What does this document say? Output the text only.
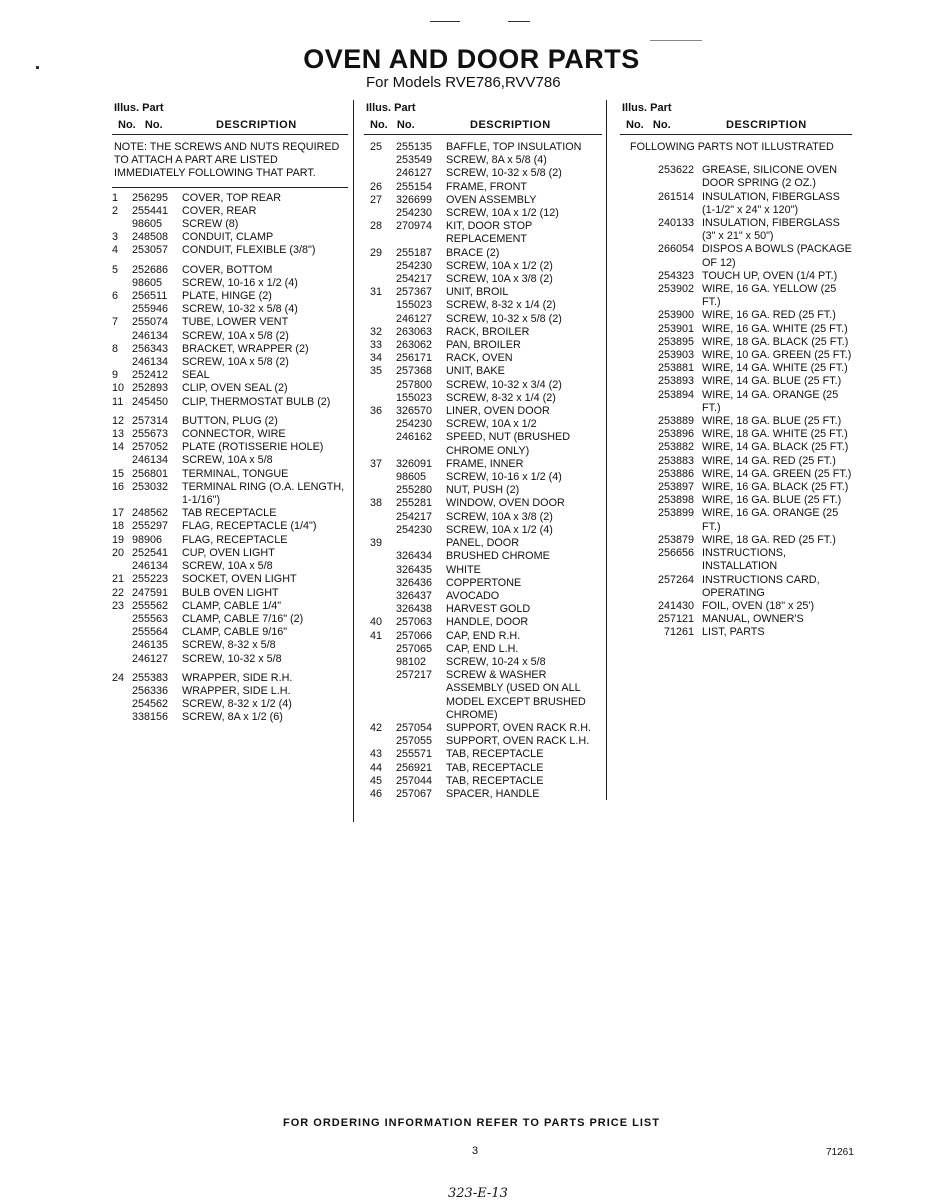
OVEN AND DOOR PARTS
For Models RVE786,RVV786
Illus. Part
No. No.	DESCRIPTION
NOTE: THE SCREWS AND NUTS REQUIRED TO ATTACH A PART ARE LISTED IMMEDIATELY FOLLOWING THAT PART.
1	256295	COVER, TOP REAR
2	255441	COVER, REAR
98605	SCREW (8)
3	248508	CONDUIT, CLAMP
4	253057	CONDUIT, FLEXIBLE (3/8")
5	252686	COVER, BOTTOM
98605	SCREW, 10-16 x 1/2 (4)
6	256511	PLATE, HINGE (2)
255946	SCREW, 10-32 x 5/8 (4)
7	255074	TUBE, LOWER VENT
246134	SCREW, 10A x 5/8 (2)
8	256343	BRACKET, WRAPPER (2)
246134	SCREW, 10A x 5/8 (2)
9	252412	SEAL
10 252893	CLIP, OVEN SEAL (2)
11 245450	CLIP, THERMOSTAT BULB (2)
12 257314	BUTTON, PLUG (2)
13 255673	CONNECTOR, WIRE
14 257052	PLATE (ROTISSERIE HOLE)
246134	SCREW, 10A x 5/8
15 256801	TERMINAL, TONGUE
16 253032	TERMINAL RING (O.A. LENGTH, 1-1/16")
17 248562	TAB RECEPTACLE
18 255297	FLAG, RECEPTACLE (1/4")
19 98906	FLAG, RECEPTACLE
20 252541	CUP, OVEN LIGHT
246134	SCREW, 10A x 5/8
21 255223	SOCKET, OVEN LIGHT
22 247591	BULB OVEN LIGHT
23 255562	CLAMP, CABLE 1/4"
255563	CLAMP, CABLE 7/16" (2)
255564	CLAMP, CABLE 9/16"
246135	SCREW, 8-32 x 5/8
246127	SCREW, 10-32 x 5/8
24 255383	WRAPPER, SIDE R.H.
256336	WRAPPER, SIDE L.H.
254562	SCREW, 8-32 x 1/2 (4)
338156	SCREW, 8A x 1/2 (6)
Illus. Part
No. No.	DESCRIPTION
25	255135	BAFFLE, TOP INSULATION
253549	SCREW, 8A x 5/8 (4)
246127	SCREW, 10-32 x 5/8 (2)
26	255154	FRAME, FRONT
27	326699	OVEN ASSEMBLY
254230	SCREW, 10A x 1/2 (12)
28	270974	KIT, DOOR STOP REPLACEMENT
29	255187	BRACE (2)
254230	SCREW, 10A x 1/2 (2)
254217	SCREW, 10A x 3/8 (2)
31	257367	UNIT, BROIL
155023	SCREW, 8-32 x 1/4 (2)
246127	SCREW, 10-32 x 5/8 (2)
32	263063	RACK, BROILER
33	263062	PAN, BROILER
34	256171	RACK, OVEN
35	257368	UNIT, BAKE
257800	SCREW, 10-32 x 3/4 (2)
155023	SCREW, 8-32 x 1/4 (2)
36	326570	LINER, OVEN DOOR
254230	SCREW, 10A x 1/2
246162	SPEED, NUT (BRUSHED CHROME ONLY)
37	326091	FRAME, INNER
98605	SCREW, 10-16 x 1/2 (4)
255280	NUT, PUSH (2)
38	255281	WINDOW, OVEN DOOR
254217	SCREW, 10A x 3/8 (2)
254230	SCREW, 10A x 1/2 (4)
39	PANEL, DOOR
326434	BRUSHED CHROME
326435	WHITE
326436	COPPERTONE
326437	AVOCADO
326438	HARVEST GOLD
40	257063	HANDLE, DOOR
41	257066	CAP, END R.H.
257065	CAP, END L.H.
98102	SCREW, 10-24 x 5/8
257217	SCREW & WASHER ASSEMBLY (USED ON ALL MODEL EXCEPT BRUSHED CHROME)
42	257054	SUPPORT, OVEN RACK R.H.
257055	SUPPORT, OVEN RACK L.H.
43	255571	TAB, RECEPTACLE
44	256921	TAB, RECEPTACLE
45	257044	TAB, RECEPTACLE
46	257067	SPACER, HANDLE
Illus. Part
No. No.	DESCRIPTION
FOLLOWING PARTS NOT ILLUSTRATED
253622 GREASE, SILICONE OVEN DOOR SPRING (2 OZ.)
261514 INSULATION, FIBERGLASS (1-1/2" x 24" x 120")
240133 INSULATION, FIBERGLASS (3" x 21" x 50")
266054 DISPOS A BOWLS (PACKAGE OF 12)
254323 TOUCH UP, OVEN (1/4 PT.)
253902 WIRE, 16 GA. YELLOW (25 FT.)
253900 WIRE, 16 GA. RED (25 FT.)
253901 WIRE, 16 GA. WHITE (25 FT.)
253895 WIRE, 18 GA. BLACK (25 FT.)
253903 WIRE, 10 GA. GREEN (25 FT.)
253881 WIRE, 14 GA. WHITE (25 FT.)
253893 WIRE, 14 GA. BLUE (25 FT.)
253894 WIRE, 14 GA. ORANGE (25 FT.)
253889 WIRE, 18 GA. BLUE (25 FT.)
253896 WIRE, 18 GA. WHITE (25 FT.)
253882 WIRE, 14 GA. BLACK (25 FT.)
253883 WIRE, 14 GA. RED (25 FT.)
253886 WIRE, 14 GA. GREEN (25 FT.)
253897 WIRE, 16 GA. BLACK (25 FT.)
253898 WIRE, 16 GA. BLUE (25 FT.)
253899 WIRE, 16 GA. ORANGE (25 FT.)
253879 WIRE, 18 GA. RED (25 FT.)
256656 INSTRUCTIONS, INSTALLATION
257264 INSTRUCTIONS CARD, OPERATING
241430 FOIL, OVEN (18" x 25')
257121 MANUAL, OWNER'S
71261 LIST, PARTS
FOR ORDERING INFORMATION REFER TO PARTS PRICE LIST
3	71261
323-E-13
